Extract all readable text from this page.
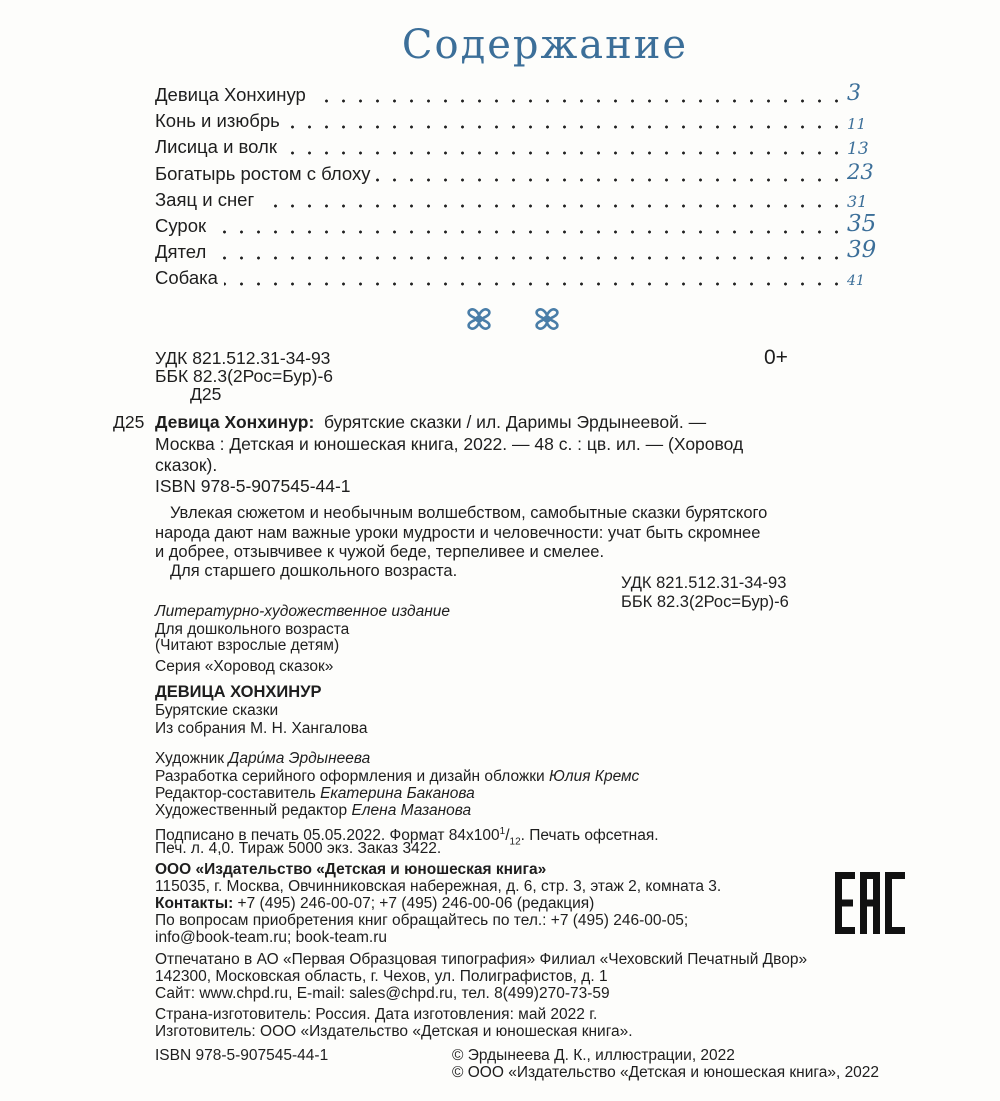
Содержание
Девица Хонхинур	3
Конь и изюбрь	11
Лисица и волк	13
Богатырь ростом с блоху	23
Заяц и снег	31
Сурок	35
Дятел	39
Собака	41
УДК 821.512.31-34-93
ББК 82.3(2Рос=Бур)-6
Д25
0+
Д25 Девица Хонхинур: бурятские сказки / ил. Даримы Эрдынеевой. —
Москва : Детская и юношеская книга, 2022. — 48 с. : цв. ил. — (Хоровод
сказок).
ISBN 978-5-907545-44-1
Увлекая сюжетом и необычным волшебством, самобытные сказки бурятского
народа дают нам важные уроки мудрости и человечности: учат быть скромнее
и добрее, отзывчивее к чужой беде, терпеливее и смелее.
Для старшего дошкольного возраста.
УДК 821.512.31-34-93
ББК 82.3(2Рос=Бур)-6
Литературно-художественное издание
Для дошкольного возраста
(Читают взрослые детям)
Серия «Хоровод сказок»
ДЕВИЦА ХОНХИНУР
Бурятские сказки
Из собрания М. Н. Хангалова
Художник Дари́ма Эрдынеева
Разработка серийного оформления и дизайн обложки Юлия Кремс
Редактор-составитель Екатерина Баканова
Художественный редактор Елена Мазанова
Подписано в печать 05.05.2022. Формат $84x100^1/_{12}$. Печать офсетная.
Печ. л. 4,0. Тираж 5000 экз. Заказ 3422.
ООО «Издательство «Детская и юношеская книга»
115035, г. Москва, Овчинниковская набережная, д. 6, стр. 3, этаж 2, комната 3.
Контакты: +7 (495) 246-00-07; +7 (495) 246-00-06 (редакция)
По вопросам приобретения книг обращайтесь по тел.: +7 (495) 246-00-05;
info@book-team.ru; book-team.ru
Отпечатано в АО «Первая Образцовая типография» Филиал «Чеховский Печатный Двор»
142300, Московская область, г. Чехов, ул. Полиграфистов, д. 1
Сайт: www.chpd.ru, E-mail: sales@chpd.ru, тел. 8(499)270-73-59
Страна-изготовитель: Россия. Дата изготовления: май 2022 г.
Изготовитель: ООО «Издательство «Детская и юношеская книга».
ISBN 978-5-907545-44-1	© Эрдынеева Д. К., иллюстрации, 2022
© ООО «Издательство «Детская и юношеская книга», 2022
